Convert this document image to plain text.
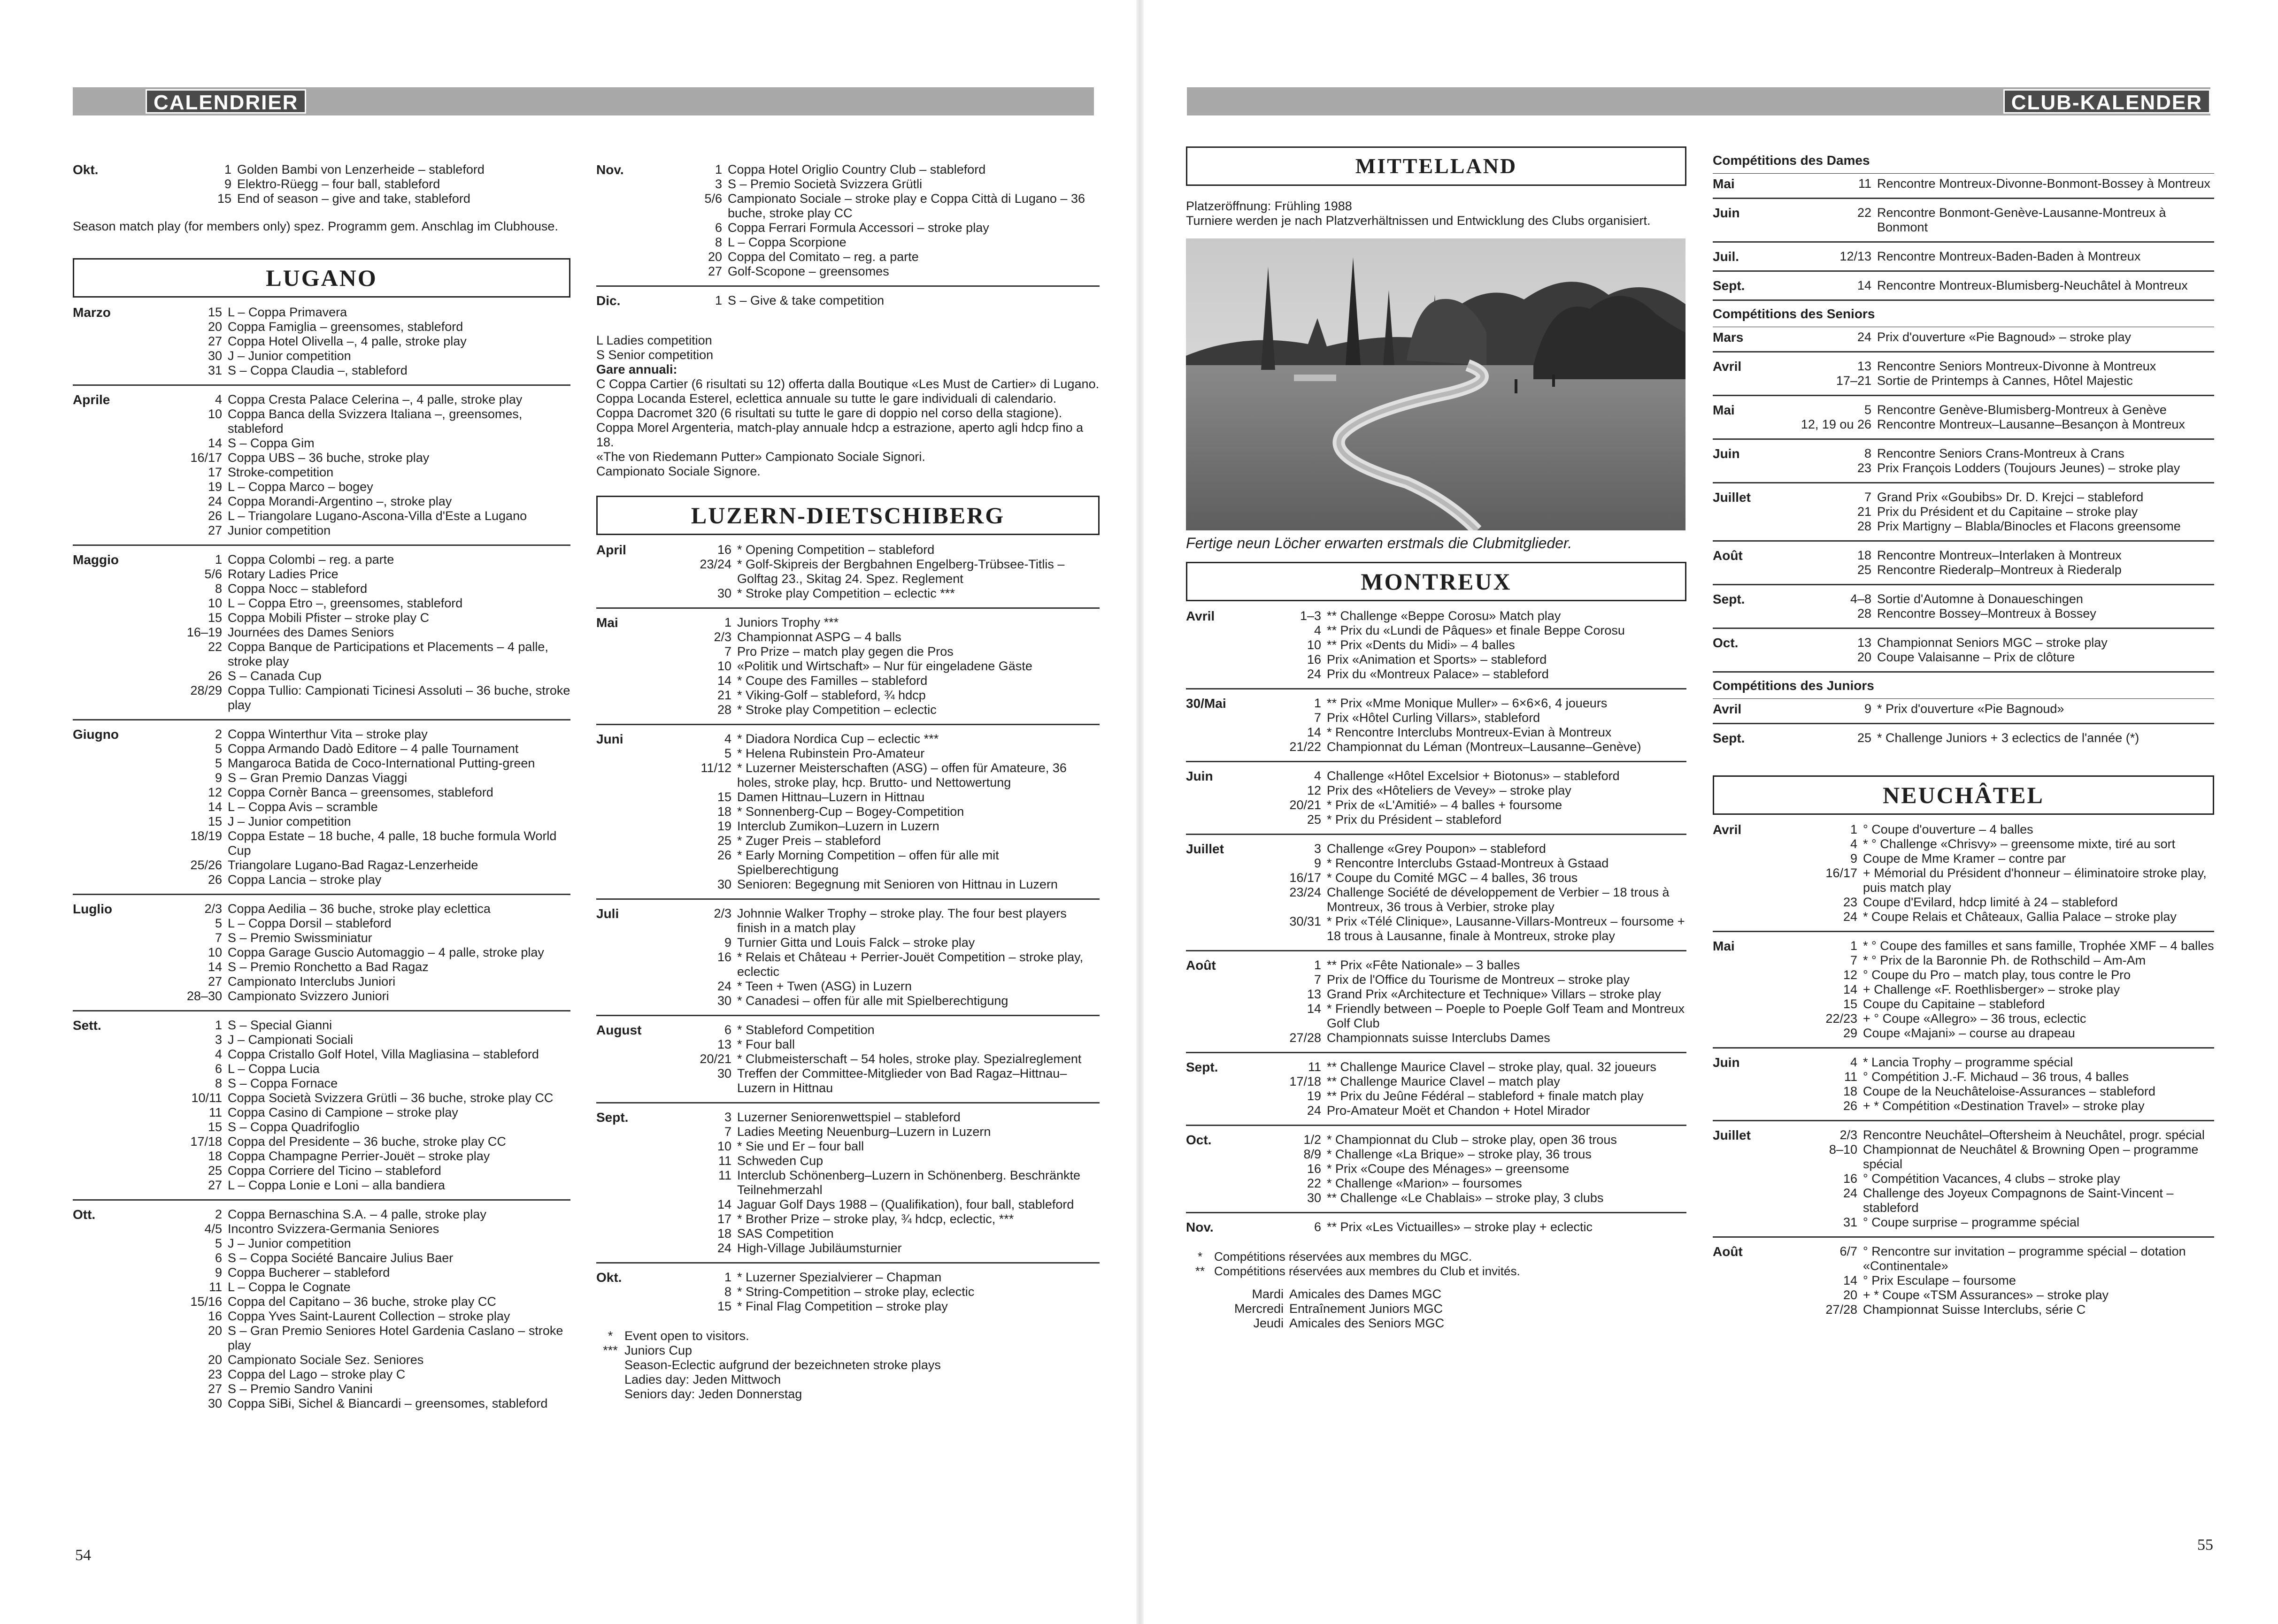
CALENDRIER	CLUB-KALENDER
Okt.	1 Golden Bambi von Lenzerheide – stableford
9 Elektro-Rüegg – four ball, stableford
15 End of season – give and take, stableford
Season match play (for members only) spez. Programm gem. Anschlag im Clubhouse.
LUGANO
Marzo	15 L – Coppa Primavera
20 Coppa Famiglia – greensomes, stableford
27 Coppa Hotel Olivella –, 4 palle, stroke play
30 J – Junior competition
31 S – Coppa Claudia –, stableford
Aprile	4 Coppa Cresta Palace Celerina –, 4 palle, stroke play
10 Coppa Banca della Svizzera Italiana –, greensomes, stableford
14 S – Coppa Gim
16/17 Coppa UBS – 36 buche, stroke play
17 Stroke-competition
19 L – Coppa Marco – bogey
24 Coppa Morandi-Argentino –, stroke play
26 L – Triangolare Lugano-Ascona-Villa d'Este a Lugano
27 Junior competition
Maggio	1 Coppa Colombi – reg. a parte
5/6 Rotary Ladies Price
8 Coppa Nocc – stableford
10 L – Coppa Etro –, greensomes, stableford
15 Coppa Mobili Pfister – stroke play C
16–19 Journées des Dames Seniors
22 Coppa Banque de Participations et Placements – 4 palle, stroke play
26 S – Canada Cup
28/29 Coppa Tullio: Campionati Ticinesi Assoluti – 36 buche, stroke play
Giugno	2 Coppa Winterthur Vita – stroke play
5 Coppa Armando Dadò Editore – 4 palle Tournament
5 Mangaroca Batida de Coco-International Putting-green
9 S – Gran Premio Danzas Viaggi
12 Coppa Cornèr Banca – greensomes, stableford
14 L – Coppa Avis – scramble
15 J – Junior competition
18/19 Coppa Estate – 18 buche, 4 palle, 18 buche formula World Cup
25/26 Triangolare Lugano-Bad Ragaz-Lenzerheide
26 Coppa Lancia – stroke play
Luglio	2/3 Coppa Aedilia – 36 buche, stroke play eclettica
5 L – Coppa Dorsil – stableford
7 S – Premio Swissminiatur
10 Coppa Garage Guscio Automaggio – 4 palle, stroke play
14 S – Premio Ronchetto a Bad Ragaz
27 Campionato Interclubs Juniori
28–30 Campionato Svizzero Juniori
Sett.	1 S – Special Gianni
3 J – Campionati Sociali
4 Coppa Cristallo Golf Hotel, Villa Magliasina – stableford
6 L – Coppa Lucia
8 S – Coppa Fornace
10/11 Coppa Società Svizzera Grütli – 36 buche, stroke play CC
11 Coppa Casino di Campione – stroke play
15 S – Coppa Quadrifoglio
17/18 Coppa del Presidente – 36 buche, stroke play CC
18 Coppa Champagne Perrier-Jouët – stroke play
25 Coppa Corriere del Ticino – stableford
27 L – Coppa Lonie e Loni – alla bandiera
Ott.	2 Coppa Bernaschina S.A. – 4 palle, stroke play
4/5 Incontro Svizzera-Germania Seniores
5 J – Junior competition
6 S – Coppa Société Bancaire Julius Baer
9 Coppa Bucherer – stableford
11 L – Coppa le Cognate
15/16 Coppa del Capitano – 36 buche, stroke play CC
16 Coppa Yves Saint-Laurent Collection – stroke play
20 S – Gran Premio Seniores Hotel Gardenia Caslano – stroke play
20 Campionato Sociale Sez. Seniores
23 Coppa del Lago – stroke play C
27 S – Premio Sandro Vanini
30 Coppa SiBi, Sichel & Biancardi – greensomes, stableford
Nov.	1 Coppa Hotel Origlio Country Club – stableford
3 S – Premio Società Svizzera Grütli
5/6 Campionato Sociale – stroke play e Coppa Città di Lugano – 36 buche, stroke play CC
6 Coppa Ferrari Formula Accessori – stroke play
8 L – Coppa Scorpione
20 Coppa del Comitato – reg. a parte
27 Golf-Scopone – greensomes
Dic.	1 S – Give & take competition
L Ladies competition
S Senior competition
Gare annuali:
C Coppa Cartier (6 risultati su 12) offerta dalla Boutique «Les Must de Cartier» di Lugano.
Coppa Locanda Esterel, eclettica annuale su tutte le gare individuali di calendario.
Coppa Dacromet 320 (6 risultati su tutte le gare di doppio nel corso della stagione).
Coppa Morel Argenteria, match-play annuale hdcp a estrazione, aperto agli hdcp fino a 18.
«The von Riedemann Putter» Campionato Sociale Signori.
Campionato Sociale Signore.
LUZERN-DIETSCHIBERG
April	16 * Opening Competition – stableford
23/24 * Golf-Skipreis der Bergbahnen Engelberg-Trübsee-Titlis – Golftag 23., Skitag 24. Spez. Reglement
30 * Stroke play Competition – eclectic ***
Mai	1 Juniors Trophy ***
2/3 Championnat ASPG – 4 balls
7 Pro Prize – match play gegen die Pros
10 «Politik und Wirtschaft» – Nur für eingeladene Gäste
14 * Coupe des Familles – stableford
21 * Viking-Golf – stableford, ¾ hdcp
28 * Stroke play Competition – eclectic
Juni	4 * Diadora Nordica Cup – eclectic ***
5 * Helena Rubinstein Pro-Amateur
11/12 * Luzerner Meisterschaften (ASG) – offen für Amateure, 36 holes, stroke play, hcp. Brutto- und Nettowertung
15 Damen Hittnau–Luzern in Hittnau
18 * Sonnenberg-Cup – Bogey-Competition
19 Interclub Zumikon–Luzern in Luzern
25 * Zuger Preis – stableford
26 * Early Morning Competition – offen für alle mit Spielberechtigung
30 Senioren: Begegnung mit Senioren von Hittnau in Luzern
Juli	2/3 Johnnie Walker Trophy – stroke play. The four best players finish in a match play
9 Turnier Gitta und Louis Falck – stroke play
16 * Relais et Château + Perrier-Jouët Competition – stroke play, eclectic
24 * Teen + Twen (ASG) in Luzern
30 * Canadesi – offen für alle mit Spielberechtigung
August	6 * Stableford Competition
13 * Four ball
20/21 * Clubmeisterschaft – 54 holes, stroke play. Spezialreglement
30 Treffen der Committee-Mitglieder von Bad Ragaz–Hittnau–Luzern in Hittnau
Sept.	3 Luzerner Seniorenwettspiel – stableford
7 Ladies Meeting Neuenburg–Luzern in Luzern
10 * Sie und Er – four ball
11 Schweden Cup
11 Interclub Schönenberg–Luzern in Schönenberg. Beschränkte Teilnehmerzahl
14 Jaguar Golf Days 1988 – (Qualifikation), four ball, stableford
17 * Brother Prize – stroke play, ¾ hdcp, eclectic, ***
18 SAS Competition
24 High-Village Jubiläumsturnier
Okt.	1 * Luzerner Spezialvierer – Chapman
8 * String-Competition – stroke play, eclectic
15 * Final Flag Competition – stroke play
* Event open to visitors.
*** Juniors Cup
Season-Eclectic aufgrund der bezeichneten stroke plays
Ladies day: Jeden Mittwoch
Seniors day: Jeden Donnerstag
54
MITTELLAND
Platzeröffnung: Frühling 1988
Turniere werden je nach Platzverhältnissen und Entwicklung des Clubs organisiert.
Fertige neun Löcher erwarten erstmals die Clubmitglieder.
MONTREUX
Avril	1–3 ** Challenge «Beppe Corosu» Match play
4 ** Prix du «Lundi de Pâques» et finale Beppe Corosu
10 ** Prix «Dents du Midi» – 4 balles
16 Prix «Animation et Sports» – stableford
24 Prix du «Montreux Palace» – stableford
30/Mai	1 ** Prix «Mme Monique Muller» – 6×6×6, 4 joueurs
7 Prix «Hôtel Curling Villars», stableford
14 * Rencontre Interclubs Montreux-Evian à Montreux
21/22 Championnat du Léman (Montreux–Lausanne–Genève)
Juin	4 Challenge «Hôtel Excelsior + Biotonus» – stableford
12 Prix des «Hôteliers de Vevey» – stroke play
20/21 * Prix de «L'Amitié» – 4 balles + foursome
25 * Prix du Président – stableford
Juillet	3 Challenge «Grey Poupon» – stableford
9 * Rencontre Interclubs Gstaad-Montreux à Gstaad
16/17 * Coupe du Comité MGC – 4 balles, 36 trous
23/24 Challenge Société de développement de Verbier – 18 trous à Montreux, 36 trous à Verbier, stroke play
30/31 * Prix «Télé Clinique», Lausanne-Villars-Montreux – foursome + 18 trous à Lausanne, finale à Montreux, stroke play
Août	1 ** Prix «Fête Nationale» – 3 balles
7 Prix de l'Office du Tourisme de Montreux – stroke play
13 Grand Prix «Architecture et Technique» Villars – stroke play
14 * Friendly between – Poeple to Poeple Golf Team and Montreux Golf Club
27/28 Championnats suisse Interclubs Dames
Sept.	11 ** Challenge Maurice Clavel – stroke play, qual. 32 joueurs
17/18 ** Challenge Maurice Clavel – match play
19 ** Prix du Jeûne Fédéral – stableford + finale match play
24 Pro-Amateur Moët et Chandon + Hotel Mirador
Oct.	1/2 * Championnat du Club – stroke play, open 36 trous
8/9 * Challenge «La Brique» – stroke play, 36 trous
16 * Prix «Coupe des Ménages» – greensome
22 * Challenge «Marion» – foursomes
30 ** Challenge «Le Chablais» – stroke play, 3 clubs
Nov.	6 ** Prix «Les Victuailles» – stroke play + eclectic
* Compétitions réservées aux membres du MGC.
** Compétitions réservées aux membres du Club et invités.
Mardi Amicales des Dames MGC
Mercredi Entraînement Juniors MGC
Jeudi Amicales des Seniors MGC
Compétitions des Dames
Mai	11 Rencontre Montreux-Divonne-Bonmont-Bossey à Montreux
Juin	22 Rencontre Bonmont-Genève-Lausanne-Montreux à Bonmont
Juil.	12/13 Rencontre Montreux-Baden-Baden à Montreux
Sept.	14 Rencontre Montreux-Blumisberg-Neuchâtel à Montreux
Compétitions des Seniors
Mars	24 Prix d'ouverture «Pie Bagnoud» – stroke play
Avril	13 Rencontre Seniors Montreux-Divonne à Montreux
17–21 Sortie de Printemps à Cannes, Hôtel Majestic
Mai	5 Rencontre Genève-Blumisberg-Montreux à Genève
12, 19 ou 26 Rencontre Montreux–Lausanne–Besançon à Montreux
Juin	8 Rencontre Seniors Crans-Montreux à Crans
23 Prix François Lodders (Toujours Jeunes) – stroke play
Juillet	7 Grand Prix «Goubibs» Dr. D. Krejci – stableford
21 Prix du Président et du Capitaine – stroke play
28 Prix Martigny – Blabla/Binocles et Flacons greensome
Août	18 Rencontre Montreux–Interlaken à Montreux
25 Rencontre Riederalp–Montreux à Riederalp
Sept.	4–8 Sortie d'Automne à Donaueschingen
28 Rencontre Bossey–Montreux à Bossey
Oct.	13 Championnat Seniors MGC – stroke play
20 Coupe Valaisanne – Prix de clôture
Compétitions des Juniors
Avril	9 * Prix d'ouverture «Pie Bagnoud»
Sept.	25 * Challenge Juniors + 3 eclectics de l'année (*)
NEUCHÂTEL
Avril	1 ° Coupe d'ouverture – 4 balles
4 * ° Challenge «Chrisvy» – greensome mixte, tiré au sort
9 Coupe de Mme Kramer – contre par
16/17 + Mémorial du Président d'honneur – éliminatoire stroke play, puis match play
23 Coupe d'Evilard, hdcp limité à 24 – stableford
24 * Coupe Relais et Châteaux, Gallia Palace – stroke play
Mai	1 * ° Coupe des familles et sans famille, Trophée XMF – 4 balles
7 * ° Prix de la Baronnie Ph. de Rothschild – Am-Am
12 ° Coupe du Pro – match play, tous contre le Pro
14 + Challenge «F. Roethlisberger» – stroke play
15 Coupe du Capitaine – stableford
22/23 + ° Coupe «Allegro» – 36 trous, eclectic
29 Coupe «Majani» – course au drapeau
Juin	4 * Lancia Trophy – programme spécial
11 ° Compétition J.-F. Michaud – 36 trous, 4 balles
18 Coupe de la Neuchâteloise-Assurances – stableford
26 + * Compétition «Destination Travel» – stroke play
Juillet	2/3 Rencontre Neuchâtel–Oftersheim à Neuchâtel, progr. spécial
8–10 Championnat de Neuchâtel & Browning Open – programme spécial
16 ° Compétition Vacances, 4 clubs – stroke play
24 Challenge des Joyeux Compagnons de Saint-Vincent – stableford
31 ° Coupe surprise – programme spécial
Août	6/7 ° Rencontre sur invitation – programme spécial – dotation «Continentale»
14 ° Prix Esculape – foursome
20 + * Coupe «TSM Assurances» – stroke play
27/28 Championnat Suisse Interclubs, série C
55
